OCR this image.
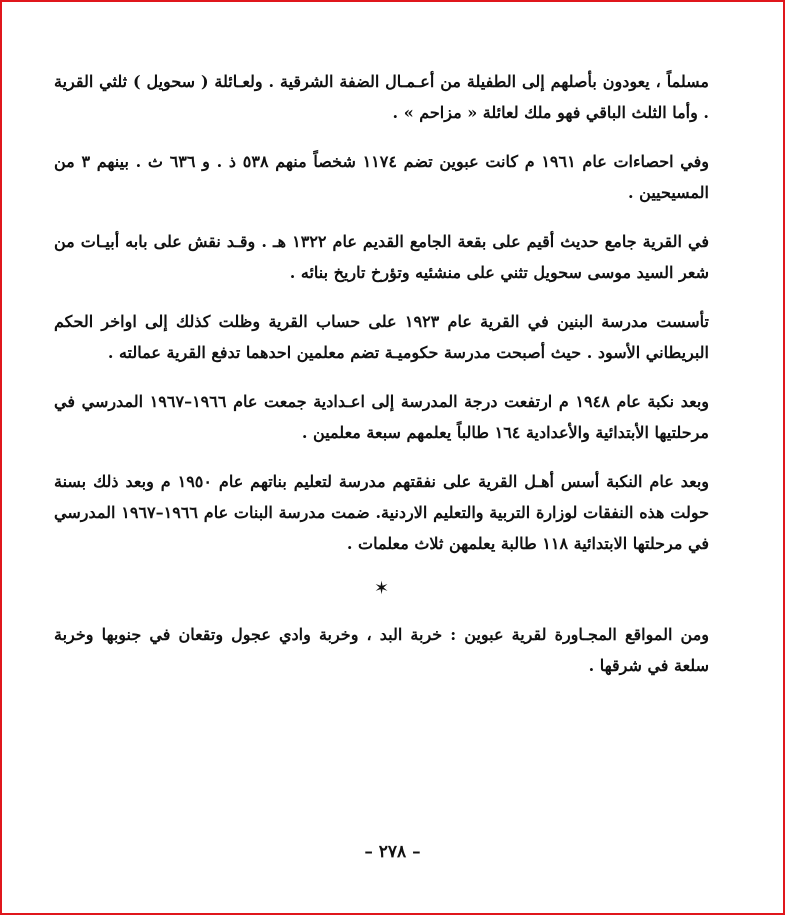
مسلماً ، يعودون بأصلهم إلى الطفيلة من أعـمـال الضفة الشرقية . ولعـائلة ( سحويل ) ثلثي القرية . وأما الثلث الباقي فهو ملك لعائلة « مزاحم » .

وفي احصاءات عام ١٩٦١ م كانت عبوين تضم ١١٧٤ شخصاً منهم ٥٣٨ ذ . و ٦٣٦ ث . بينهم ٣ من المسيحيين .

في القرية جامع حديث أقيم على بقعة الجامع القديم عام ١٣٢٢ هـ . وقـد نقش على بابه أبيـات من شعر السيد موسى سحويل تثني على منشئيه وتؤرخ تاريخ بنائه .

تأسست مدرسة البنين في القرية عام ١٩٢٣ على حساب القرية وظلت كذلك إلى اواخر الحكم البريطاني الأسود . حيث أصبحت مدرسة حكوميـة تضم معلمين احدهما تدفع القرية عمالته .

وبعد نكبة عام ١٩٤٨ م ارتفعت درجة المدرسة إلى اعـدادية جمعت عام ١٩٦٦–١٩٦٧ المدرسي في مرحلتيها الأبتدائية والأعدادية ١٦٤ طالباً يعلمهم سبعة معلمين .

وبعد عام النكبة أسس أهـل القرية على نفقتهم مدرسة لتعليم بناتهم عام ١٩٥٠ م وبعد ذلك بسنة حولت هذه النفقات لوزارة التربية والتعليم الاردنية. ضمت مدرسة البنات عام ١٩٦٦–١٩٦٧ المدرسي في مرحلتها الابتدائية ١١٨ طالبة يعلمهن ثلاث معلمات .

✶

ومن المواقع المجـاورة لقرية عبوين : خربة البد ، وخربة وادي عجول وتقعان في جنوبها وخربة سلعة في شرقها .

– ٢٧٨ –
